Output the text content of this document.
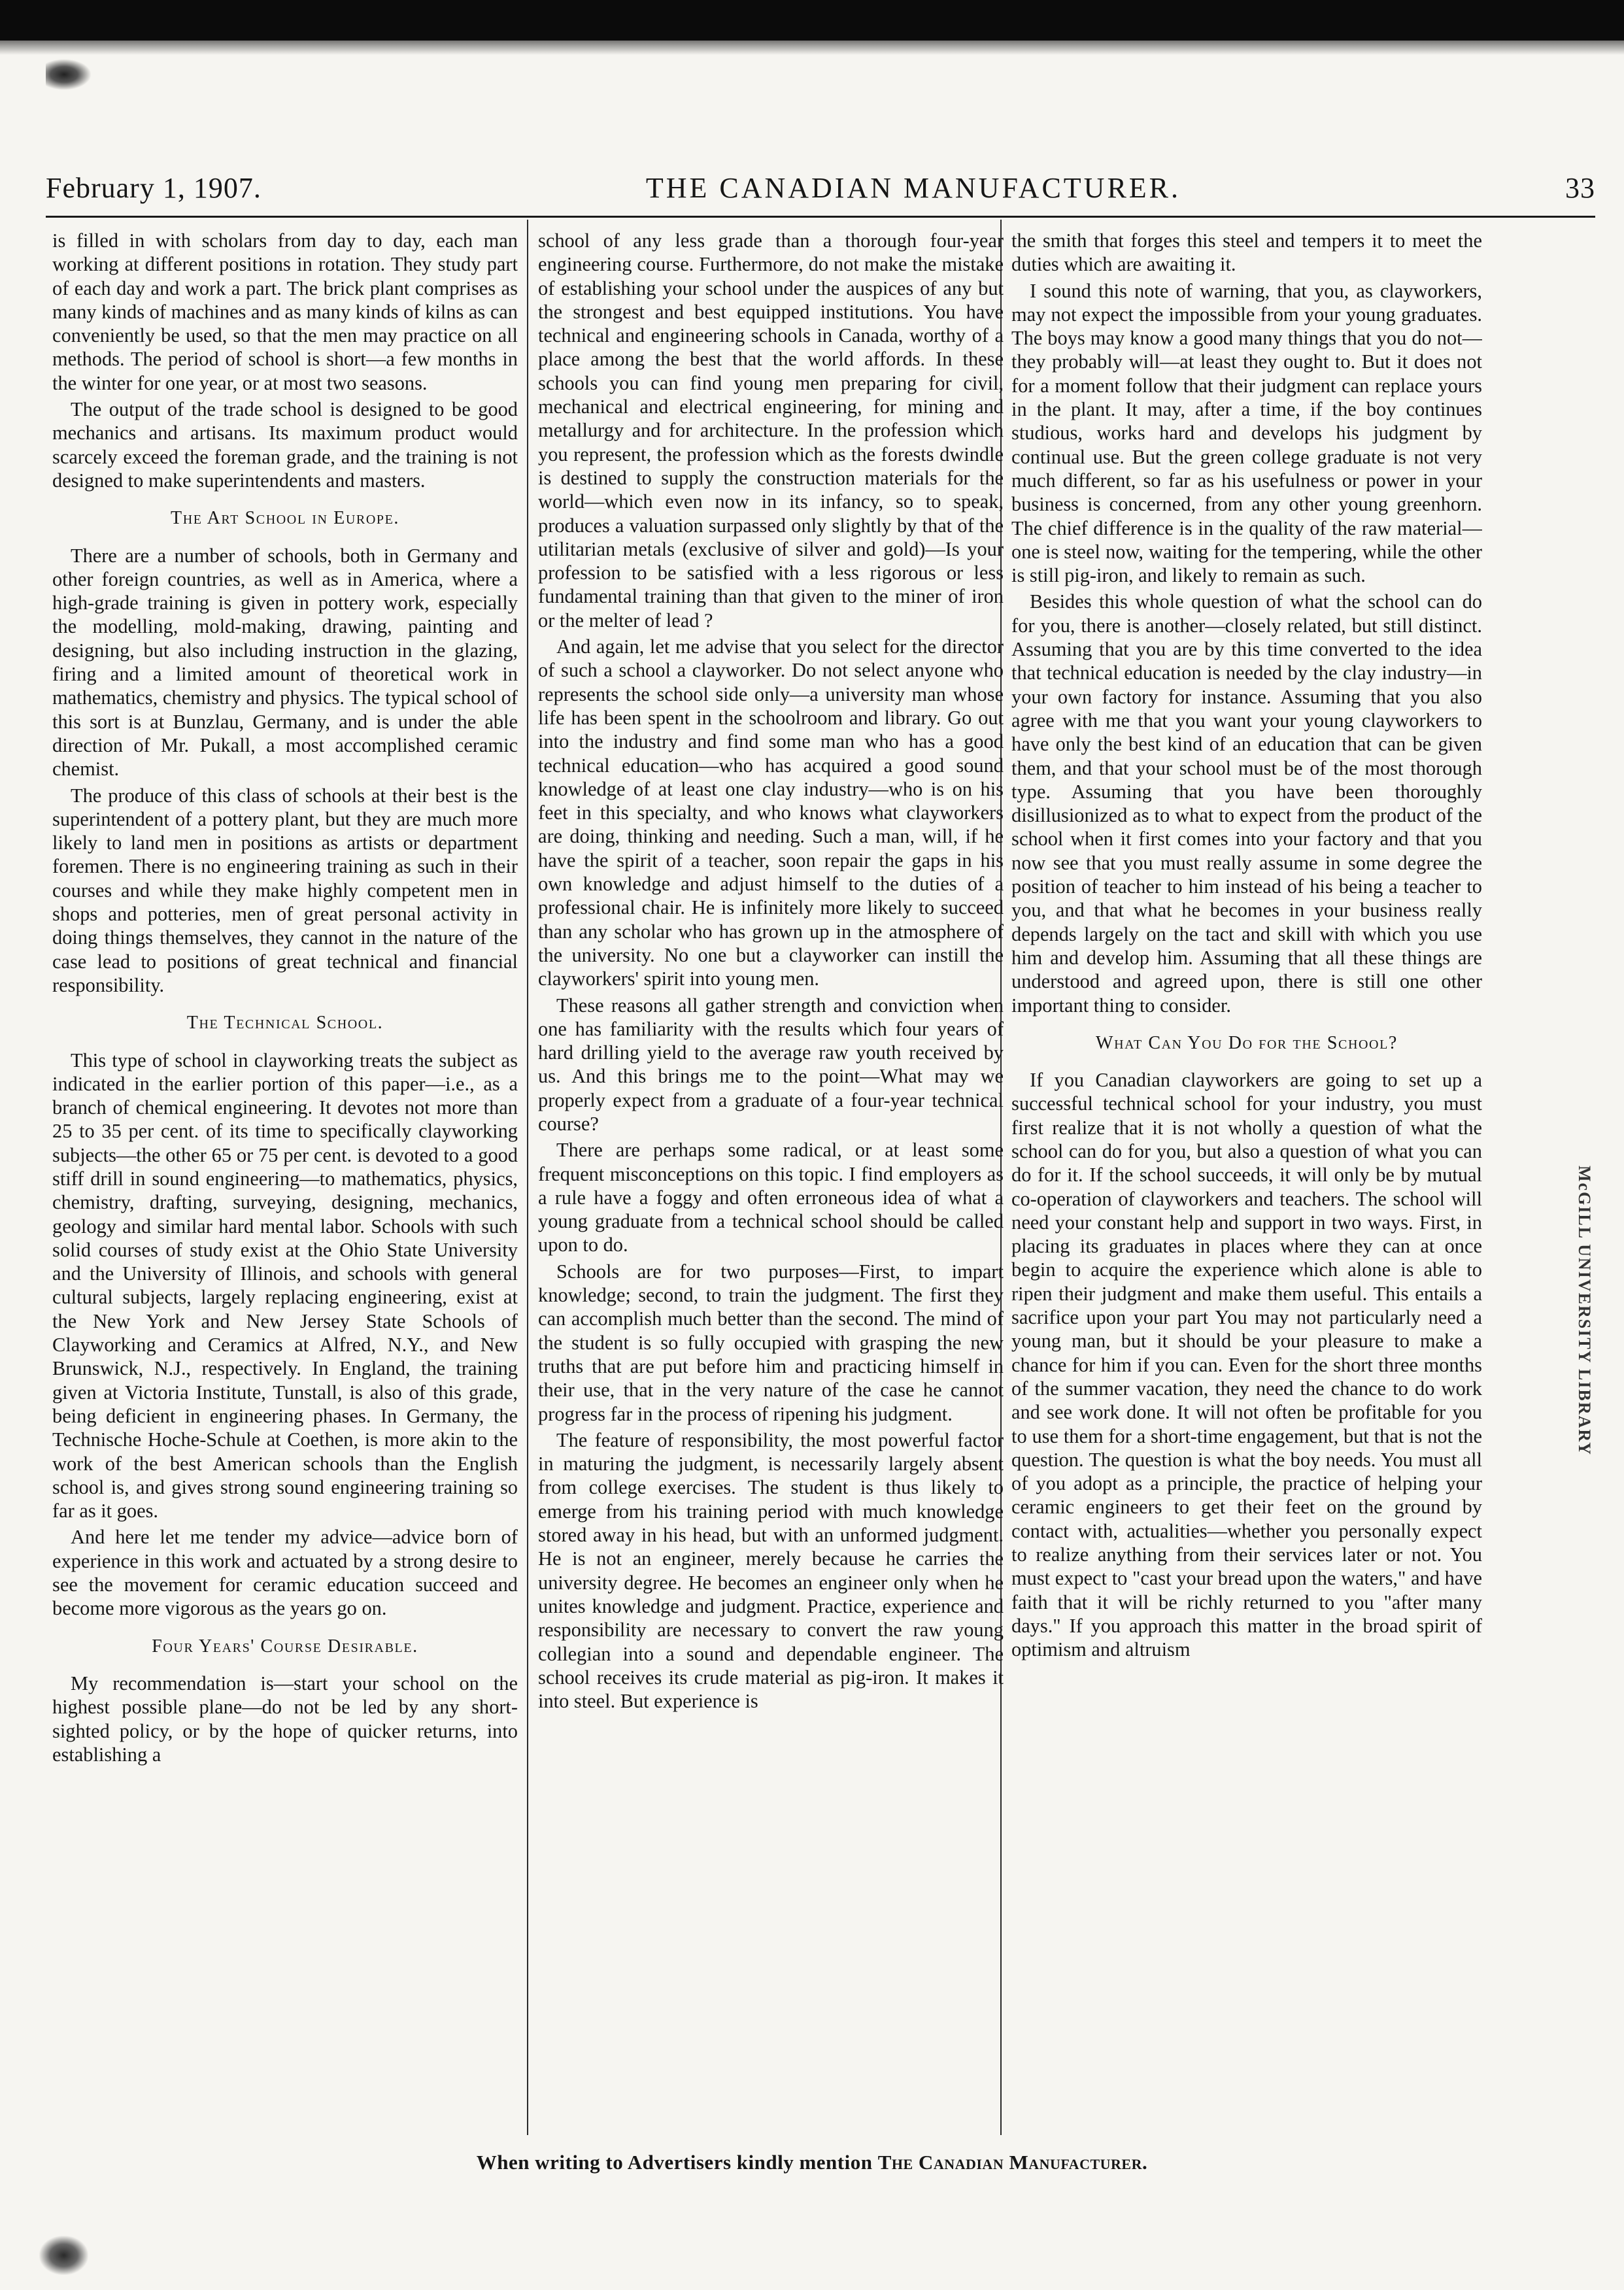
February 1, 1907.	THE CANADIAN MANUFACTURER.	33

is filled in with scholars from day to day, each man working at different positions in rotation. They study part of each day and work a part. The brick plant comprises as many kinds of machines and as many kinds of kilns as can conveniently be used, so that the men may practice on all methods. The period of school is short—a few months in the winter for one year, or at most two seasons.

The output of the trade school is designed to be good mechanics and artisans. Its maximum product would scarcely exceed the foreman grade, and the training is not designed to make superintendents and masters.

The Art School in Europe.

There are a number of schools, both in Germany and other foreign countries, as well as in America, where a high-grade training is given in pottery work, especially the modelling, mold-making, drawing, painting and designing, but also including instruction in the glazing, firing and a limited amount of theoretical work in mathematics, chemistry and physics. The typical school of this sort is at Bunzlau, Germany, and is under the able direction of Mr. Pukall, a most accomplished ceramic chemist.

The produce of this class of schools at their best is the superintendent of a pottery plant, but they are much more likely to land men in positions as artists or department foremen. There is no engineering training as such in their courses and while they make highly competent men in shops and potteries, men of great personal activity in doing things themselves, they cannot in the nature of the case lead to positions of great technical and financial responsibility.

The Technical School.

This type of school in clayworking treats the subject as indicated in the earlier portion of this paper—i.e., as a branch of chemical engineering. It devotes not more than 25 to 35 per cent. of its time to specifically clayworking subjects—the other 65 or 75 per cent. is devoted to a good stiff drill in sound engineering—to mathematics, physics, chemistry, drafting, surveying, designing, mechanics, geology and similar hard mental labor. Schools with such solid courses of study exist at the Ohio State University and the University of Illinois, and schools with general cultural subjects, largely replacing engineering, exist at the New York and New Jersey State Schools of Clayworking and Ceramics at Alfred, N.Y., and New Brunswick, N.J., respectively. In England, the training given at Victoria Institute, Tunstall, is also of this grade, being deficient in engineering phases. In Germany, the Technische Hoche-Schule at Coethen, is more akin to the work of the best American schools than the English school is, and gives strong sound engineering training so far as it goes.

And here let me tender my advice—advice born of experience in this work and actuated by a strong desire to see the movement for ceramic education succeed and become more vigorous as the years go on.

Four Years' Course Desirable.

My recommendation is—start your school on the highest possible plane—do not be led by any short-sighted policy, or by the hope of quicker returns, into establishing a

school of any less grade than a thorough four-year engineering course. Furthermore, do not make the mistake of establishing your school under the auspices of any but the strongest and best equipped institutions. You have technical and engineering schools in Canada, worthy of a place among the best that the world affords. In these schools you can find young men preparing for civil, mechanical and electrical engineering, for mining and metallurgy and for architecture. In the profession which you represent, the profession which as the forests dwindle is destined to supply the construction materials for the world—which even now in its infancy, so to speak, produces a valuation surpassed only slightly by that of the utilitarian metals (exclusive of silver and gold)—Is your profession to be satisfied with a less rigorous or less fundamental training than that given to the miner of iron or the melter of lead ?

And again, let me advise that you select for the director of such a school a clayworker. Do not select anyone who represents the school side only—a university man whose life has been spent in the schoolroom and library. Go out into the industry and find some man who has a good technical education—who has acquired a good sound knowledge of at least one clay industry—who is on his feet in this specialty, and who knows what clayworkers are doing, thinking and needing. Such a man, will, if he have the spirit of a teacher, soon repair the gaps in his own knowledge and adjust himself to the duties of a professional chair. He is infinitely more likely to succeed than any scholar who has grown up in the atmosphere of the university. No one but a clayworker can instill the clayworkers' spirit into young men.

These reasons all gather strength and conviction when one has familiarity with the results which four years of hard drilling yield to the average raw youth received by us. And this brings me to the point—What may we properly expect from a graduate of a four-year technical course?

There are perhaps some radical, or at least some frequent misconceptions on this topic. I find employers as a rule have a foggy and often erroneous idea of what a young graduate from a technical school should be called upon to do.

Schools are for two purposes—First, to impart knowledge; second, to train the judgment. The first they can accomplish much better than the second. The mind of the student is so fully occupied with grasping the new truths that are put before him and practicing himself in their use, that in the very nature of the case he cannot progress far in the process of ripening his judgment.

The feature of responsibility, the most powerful factor in maturing the judgment, is necessarily largely absent from college exercises. The student is thus likely to emerge from his training period with much knowledge stored away in his head, but with an unformed judgment. He is not an engineer, merely because he carries the university degree. He becomes an engineer only when he unites knowledge and judgment. Practice, experience and responsibility are necessary to convert the raw young collegian into a sound and dependable engineer. The school receives its crude material as pig-iron. It makes it into steel. But experience is

the smith that forges this steel and tempers it to meet the duties which are awaiting it.

I sound this note of warning, that you, as clayworkers, may not expect the impossible from your young graduates. The boys may know a good many things that you do not—they probably will—at least they ought to. But it does not for a moment follow that their judgment can replace yours in the plant. It may, after a time, if the boy continues studious, works hard and develops his judgment by continual use. But the green college graduate is not very much different, so far as his usefulness or power in your business is concerned, from any other young greenhorn. The chief difference is in the quality of the raw material—one is steel now, waiting for the tempering, while the other is still pig-iron, and likely to remain as such.

Besides this whole question of what the school can do for you, there is another—closely related, but still distinct. Assuming that you are by this time converted to the idea that technical education is needed by the clay industry—in your own factory for instance. Assuming that you also agree with me that you want your young clayworkers to have only the best kind of an education that can be given them, and that your school must be of the most thorough type. Assuming that you have been thoroughly disillusionized as to what to expect from the product of the school when it first comes into your factory and that you now see that you must really assume in some degree the position of teacher to him instead of his being a teacher to you, and that what he becomes in your business really depends largely on the tact and skill with which you use him and develop him. Assuming that all these things are understood and agreed upon, there is still one other important thing to consider.

What Can You Do for the School?

If you Canadian clayworkers are going to set up a successful technical school for your industry, you must first realize that it is not wholly a question of what the school can do for you, but also a question of what you can do for it. If the school succeeds, it will only be by mutual co-operation of clayworkers and teachers. The school will need your constant help and support in two ways. First, in placing its graduates in places where they can at once begin to acquire the experience which alone is able to ripen their judgment and make them useful. This entails a sacrifice upon your part You may not particularly need a young man, but it should be your pleasure to make a chance for him if you can. Even for the short three months of the summer vacation, they need the chance to do work and see work done. It will not often be profitable for you to use them for a short-time engagement, but that is not the question. The question is what the boy needs. You must all of you adopt as a principle, the practice of helping your ceramic engineers to get their feet on the ground by contact with, actualities—whether you personally expect to realize anything from their services later or not. You must expect to "cast your bread upon the waters," and have faith that it will be richly returned to you "after many days." If you approach this matter in the broad spirit of optimism and altruism

McGILL UNIVERSITY LIBRARY
When writing to Advertisers kindly mention The Canadian Manufacturer.
